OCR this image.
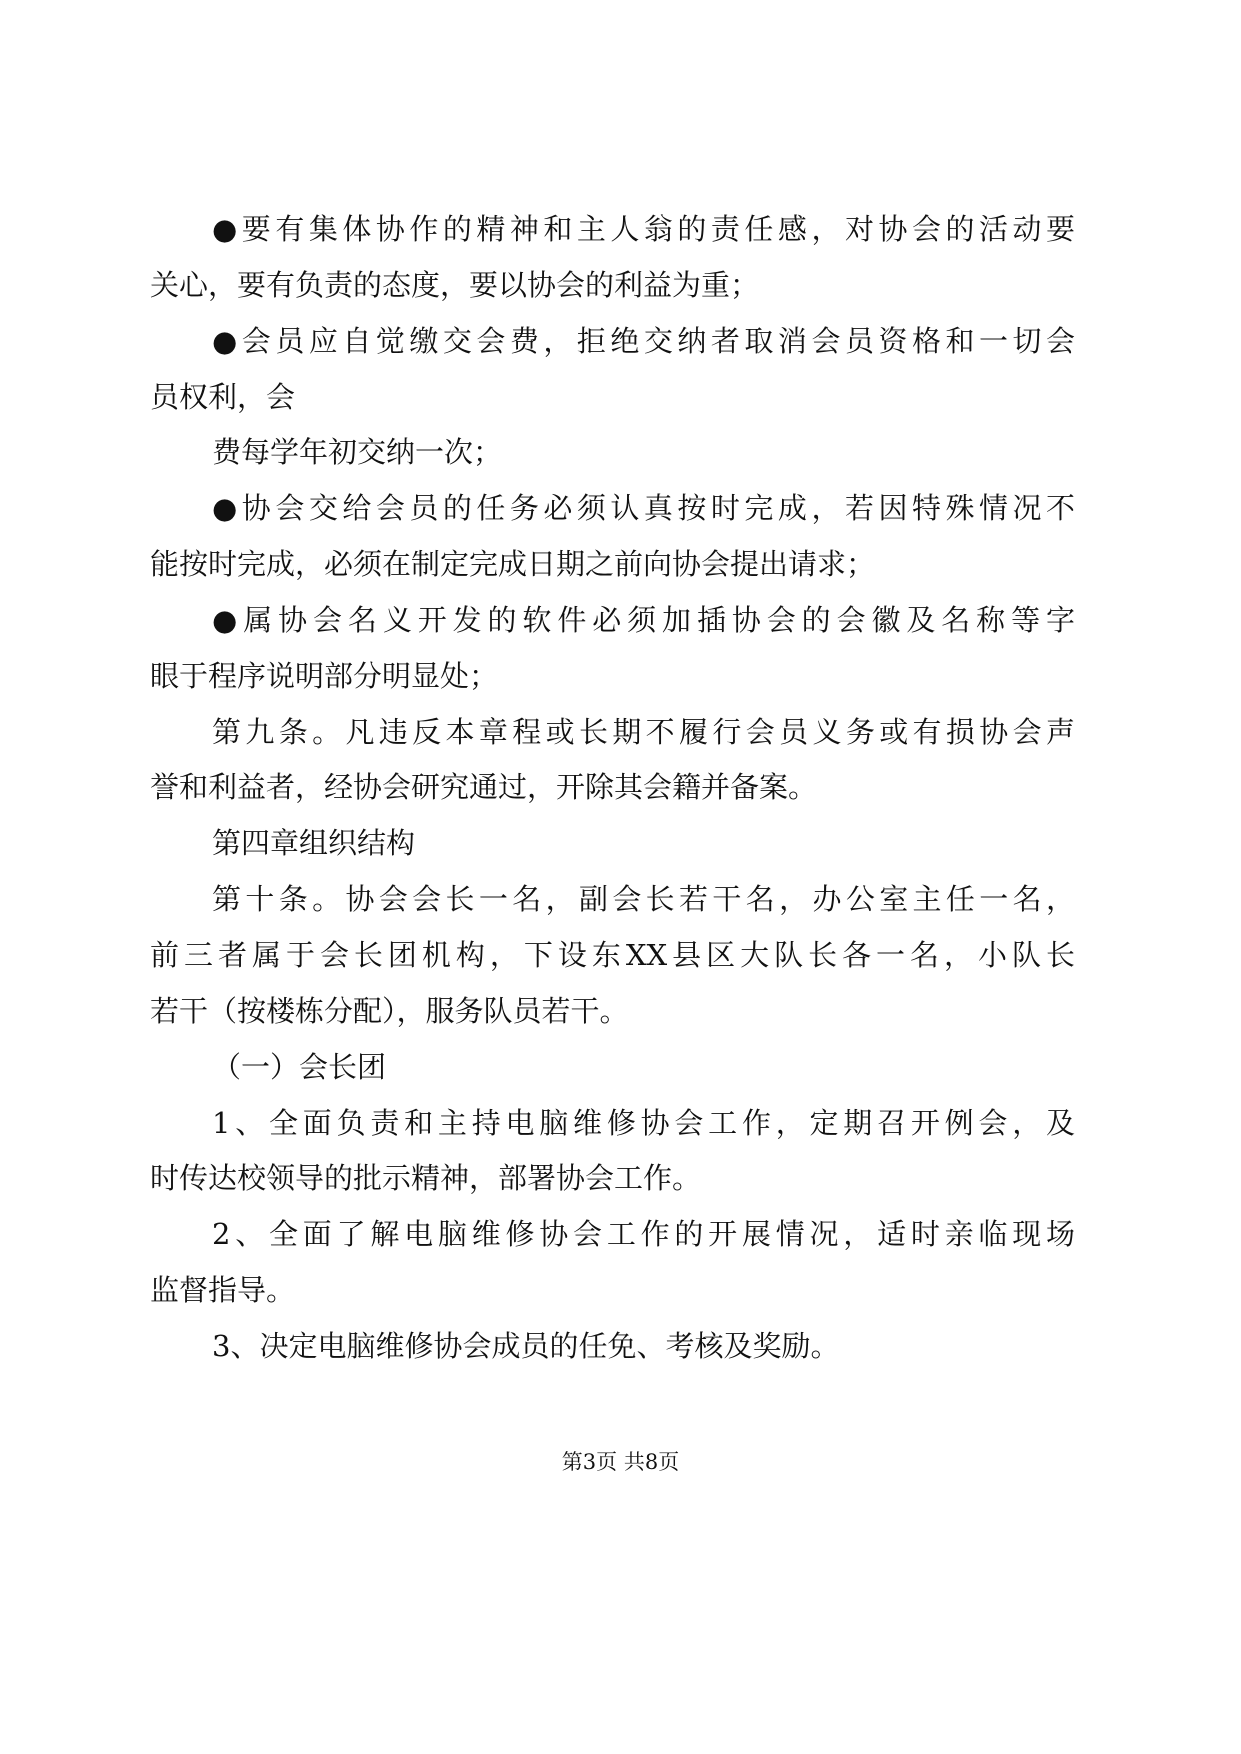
●要有集体协作的精神和主人翁的责任感，对协会的活动要
关心，要有负责的态度，要以协会的利益为重；
●会员应自觉缴交会费，拒绝交纳者取消会员资格和一切会
员权利，会
费每学年初交纳一次；
●协会交给会员的任务必须认真按时完成，若因特殊情况不
能按时完成，必须在制定完成日期之前向协会提出请求；
●属协会名义开发的软件必须加插协会的会徽及名称等字
眼于程序说明部分明显处；
第九条。凡违反本章程或长期不履行会员义务或有损协会声
誉和利益者，经协会研究通过，开除其会籍并备案。
第四章组织结构
第十条。协会会长一名，副会长若干名，办公室主任一名，
前三者属于会长团机构，下设东XX县区大队长各一名，小队长
若干（按楼栋分配），服务队员若干。
（一）会长团
1、全面负责和主持电脑维修协会工作，定期召开例会，及
时传达校领导的批示精神，部署协会工作。
2、全面了解电脑维修协会工作的开展情况，适时亲临现场
监督指导。
3、决定电脑维修协会成员的任免、考核及奖励。
第3页 共8页
